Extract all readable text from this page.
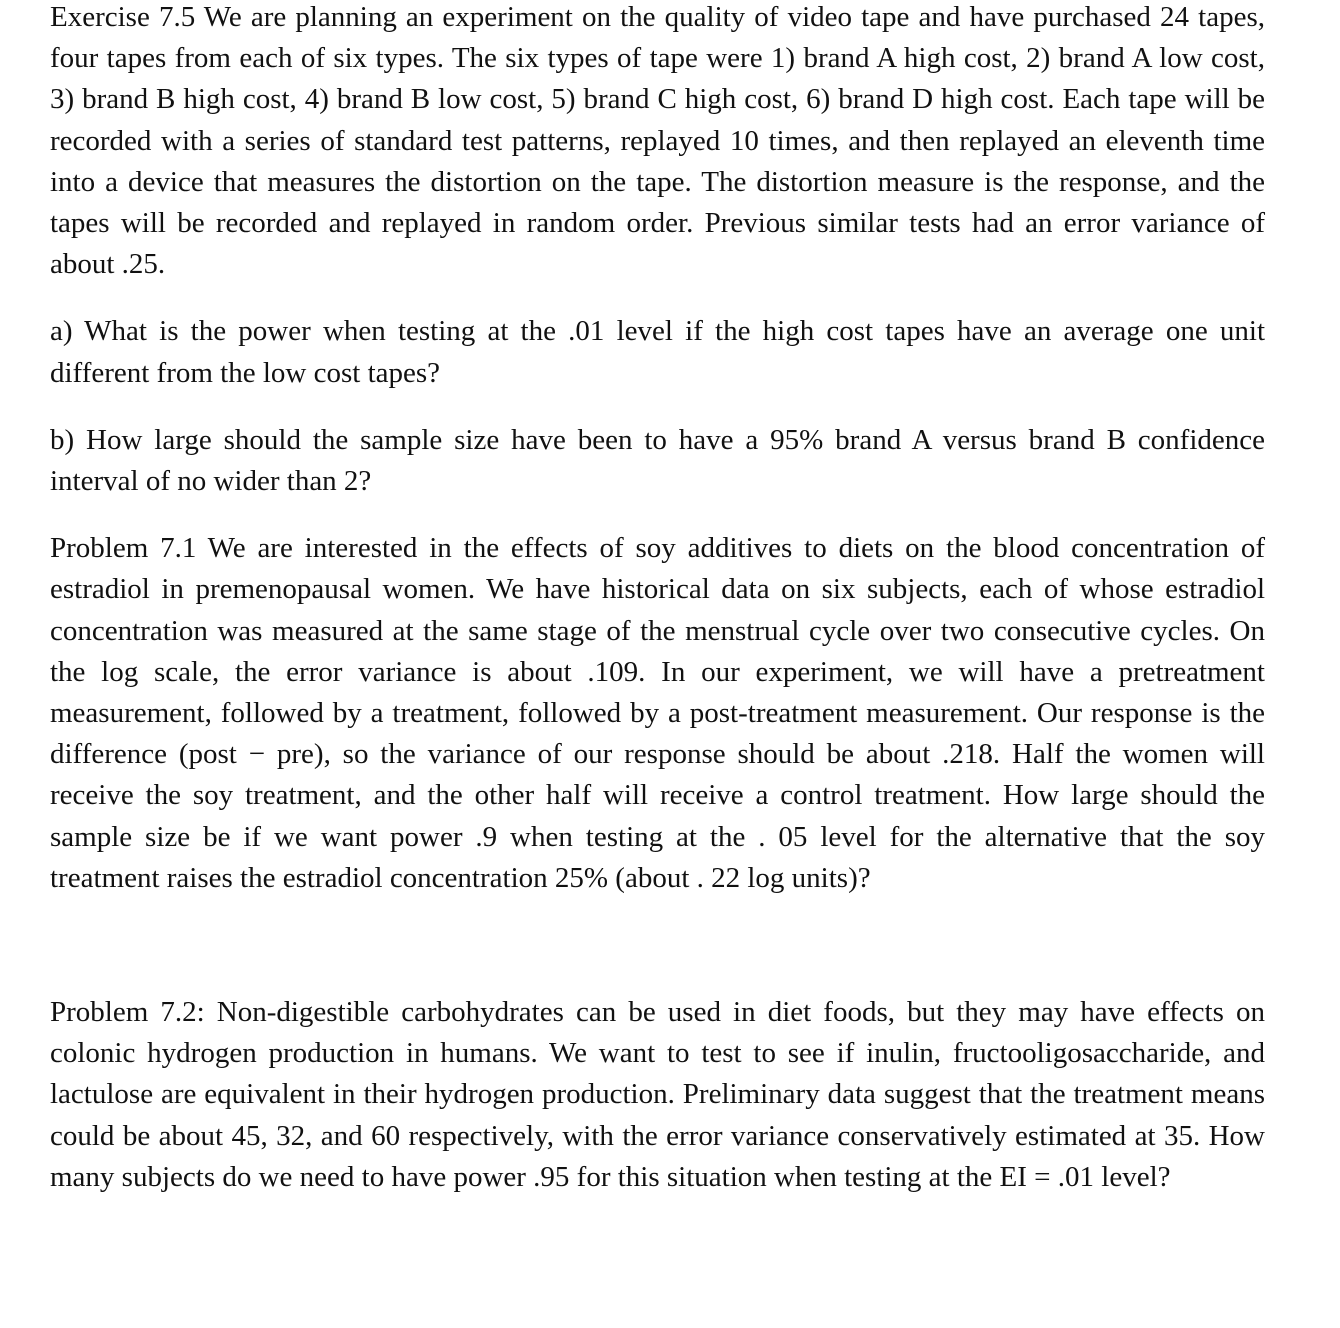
Exercise 7.5 We are planning an experiment on the quality of video tape and have purchased 24 tapes, four tapes from each of six types. The six types of tape were 1) brand A high cost, 2) brand A low cost, 3) brand B high cost, 4) brand B low cost, 5) brand C high cost, 6) brand D high cost. Each tape will be recorded with a series of standard test patterns, replayed 10 times, and then replayed an eleventh time into a device that measures the distortion on the tape. The distortion measure is the response, and the tapes will be recorded and replayed in random order. Previous similar tests had an error variance of about .25.

a) What is the power when testing at the .01 level if the high cost tapes have an average one unit different from the low cost tapes?

b) How large should the sample size have been to have a 95% brand A versus brand B confidence interval of no wider than 2?

Problem 7.1 We are interested in the effects of soy additives to diets on the blood concentration of estradiol in premenopausal women. We have historical data on six subjects, each of whose estradiol concentration was measured at the same stage of the menstrual cycle over two consecutive cycles. On the log scale, the error variance is about .109. In our experiment, we will have a pretreatment measurement, followed by a treatment, followed by a post-treatment measurement. Our response is the difference (post − pre), so the variance of our response should be about .218. Half the women will receive the soy treatment, and the other half will receive a control treatment. How large should the sample size be if we want power .9 when testing at the . 05 level for the alternative that the soy treatment raises the estradiol concentration 25% (about . 22 log units)?

Problem 7.2: Non-digestible carbohydrates can be used in diet foods, but they may have effects on colonic hydrogen production in humans. We want to test to see if inulin, fructooligosaccharide, and lactulose are equivalent in their hydrogen production. Preliminary data suggest that the treatment means could be about 45, 32, and 60 respectively, with the error variance conservatively estimated at 35. How many subjects do we need to have power .95 for this situation when testing at the EI = .01 level?
